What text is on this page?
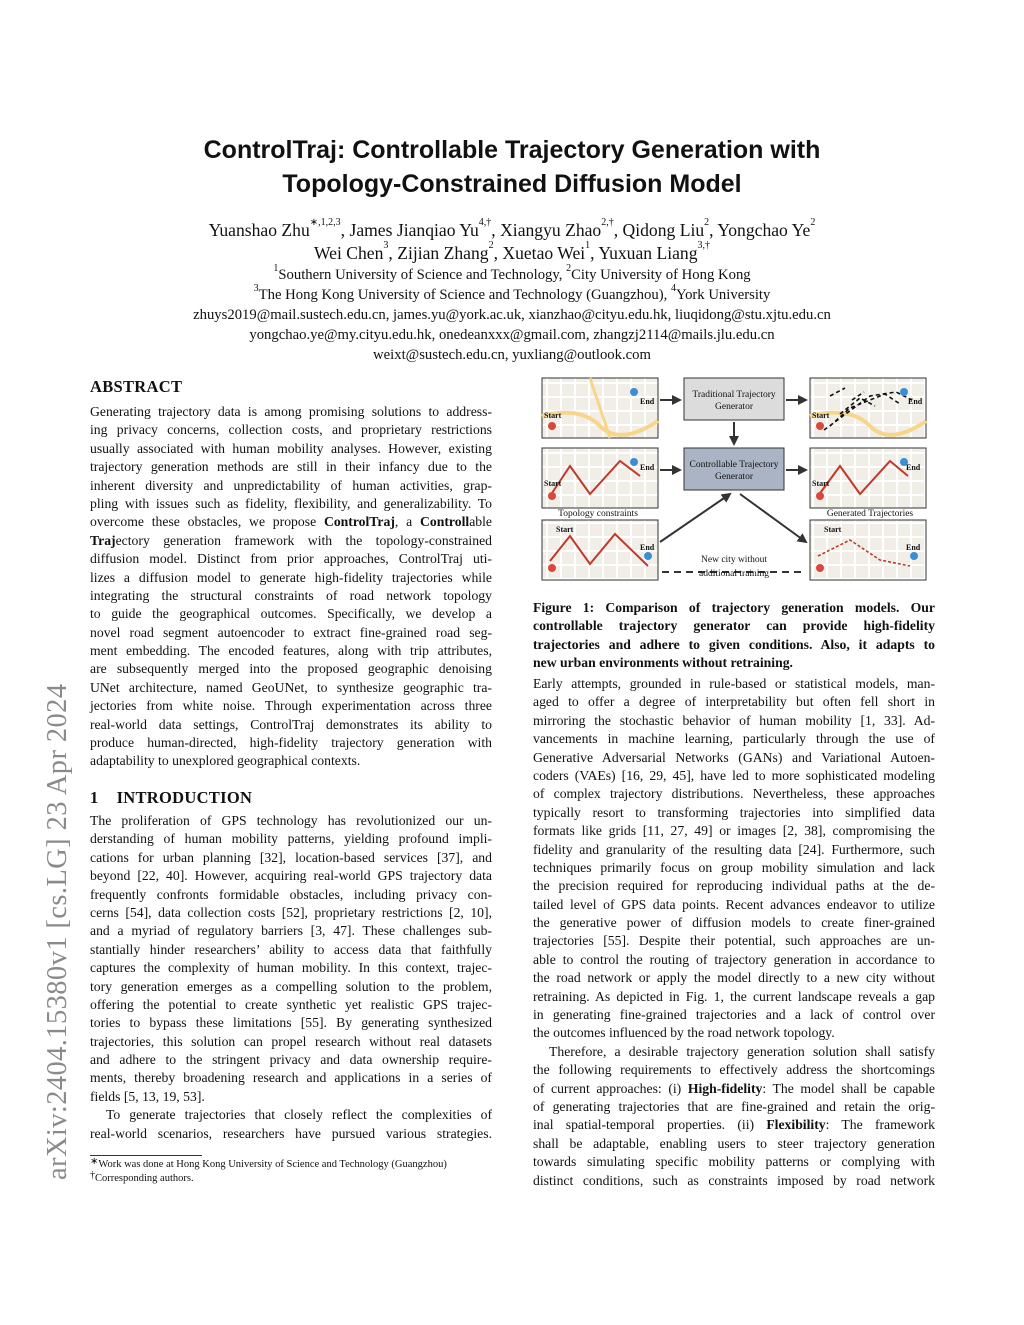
arXiv:2404.15380v1 [cs.LG] 23 Apr 2024
ControlTraj: Controllable Trajectory Generation with
Topology-Constrained Diffusion Model
Yuanshao Zhu$^{∗,1,2,3}$, James Jianqiao $Yu^{4,\dagger}$, Xiangyu Zhao$^{2,\dagger}$, Qidong Liu$^2$, Yongchao Ye$^2$
Wei Chen$^3$, Zijian Zhang$^2$, Xuetao Wei$^1$, Yuxuan Liang$^{3,\dagger}$
$^1$Southern University of Science and Technology, $^2$City University of Hong Kong
$^3$The Hong Kong University of Science and Technology (Guangzhou), $^4$York University
zhuys2019@mail.sustech.edu.cn, james.yu@york.ac.uk, xianzhao@cityu.edu.hk, liuqidong@stu.xjtu.edu.cn
yongchao.ye@my.cityu.edu.hk, onedeanxxx@gmail.com, zhangzj2114@mails.jlu.edu.cn
weixt@sustech.edu.cn, yuxliang@outlook.com
ABSTRACT
Generating trajectory data is among promising solutions to address-
ing privacy concerns, collection costs, and proprietary restrictions
usually associated with human mobility analyses. However, existing
trajectory generation methods are still in their infancy due to the
inherent diversity and unpredictability of human activities, grap-
pling with issues such as fidelity, flexibility, and generalizability. To
overcome these obstacles, we propose ControlTraj, a Controllable
Trajectory generation framework with the topology-constrained
diffusion model. Distinct from prior approaches, ControlTraj uti-
lizes a diffusion model to generate high-fidelity trajectories while
integrating the structural constraints of road network topology
to guide the geographical outcomes. Specifically, we develop a
novel road segment autoencoder to extract fine-grained road seg-
ment embedding. The encoded features, along with trip attributes,
are subsequently merged into the proposed geographic denoising
UNet architecture, named GeoUNet, to synthesize geographic tra-
jectories from white noise. Through experimentation across three
real-world data settings, ControlTraj demonstrates its ability to
produce human-directed, high-fidelity trajectory generation with
adaptability to unexplored geographical contexts.
1 INTRODUCTION
The proliferation of GPS technology has revolutionized our un-
derstanding of human mobility patterns, yielding profound impli-
cations for urban planning [32], location-based services [37], and
beyond [22, 40]. However, acquiring real-world GPS trajectory data
frequently confronts formidable obstacles, including privacy con-
cerns [54], data collection costs [52], proprietary restrictions [2, 10],
and a myriad of regulatory barriers [3, 47]. These challenges sub-
stantially hinder researchers’ ability to access data that faithfully
captures the complexity of human mobility. In this context, trajec-
tory generation emerges as a compelling solution to the problem,
offering the potential to create synthetic yet realistic GPS trajec-
tories to bypass these limitations [55]. By generating synthesized
trajectories, this solution can propel research without real datasets
and adhere to the stringent privacy and data ownership require-
ments, thereby broadening research and applications in a series of
fields [5, 13, 19, 53].
To generate trajectories that closely reflect the complexities of
real-world scenarios, researchers have pursued various strategies.
∗Work was done at Hong Kong University of Science and Technology (Guangzhou)
†Corresponding authors.
Start
End
Start
End
Start
End
Start
End
Start
End
Start
End
Traditional Trajectory
Generator
Controllable Trajectory
Generator
Topology constraints	Generated Trajectories
New city without
additional training
Figure 1: Comparison of trajectory generation models. Our
controllable trajectory generator can provide high-fidelity
trajectories and adhere to given conditions. Also, it adapts to
new urban environments without retraining.
Early attempts, grounded in rule-based or statistical models, man-
aged to offer a degree of interpretability but often fell short in
mirroring the stochastic behavior of human mobility [1, 33]. Ad-
vancements in machine learning, particularly through the use of
Generative Adversarial Networks (GANs) and Variational Autoen-
coders (VAEs) [16, 29, 45], have led to more sophisticated modeling
of complex trajectory distributions. Nevertheless, these approaches
typically resort to transforming trajectories into simplified data
formats like grids [11, 27, 49] or images [2, 38], compromising the
fidelity and granularity of the resulting data [24]. Furthermore, such
techniques primarily focus on group mobility simulation and lack
the precision required for reproducing individual paths at the de-
tailed level of GPS data points. Recent advances endeavor to utilize
the generative power of diffusion models to create finer-grained
trajectories [55]. Despite their potential, such approaches are un-
able to control the routing of trajectory generation in accordance to
the road network or apply the model directly to a new city without
retraining. As depicted in Fig. 1, the current landscape reveals a gap
in generating fine-grained trajectories and a lack of control over
the outcomes influenced by the road network topology.
Therefore, a desirable trajectory generation solution shall satisfy
the following requirements to effectively address the shortcomings
of current approaches: (i) High-fidelity: The model shall be capable
of generating trajectories that are fine-grained and retain the orig-
inal spatial-temporal properties. (ii) Flexibility: The framework
shall be adaptable, enabling users to steer trajectory generation
towards simulating specific mobility patterns or complying with
distinct conditions, such as constraints imposed by road network
